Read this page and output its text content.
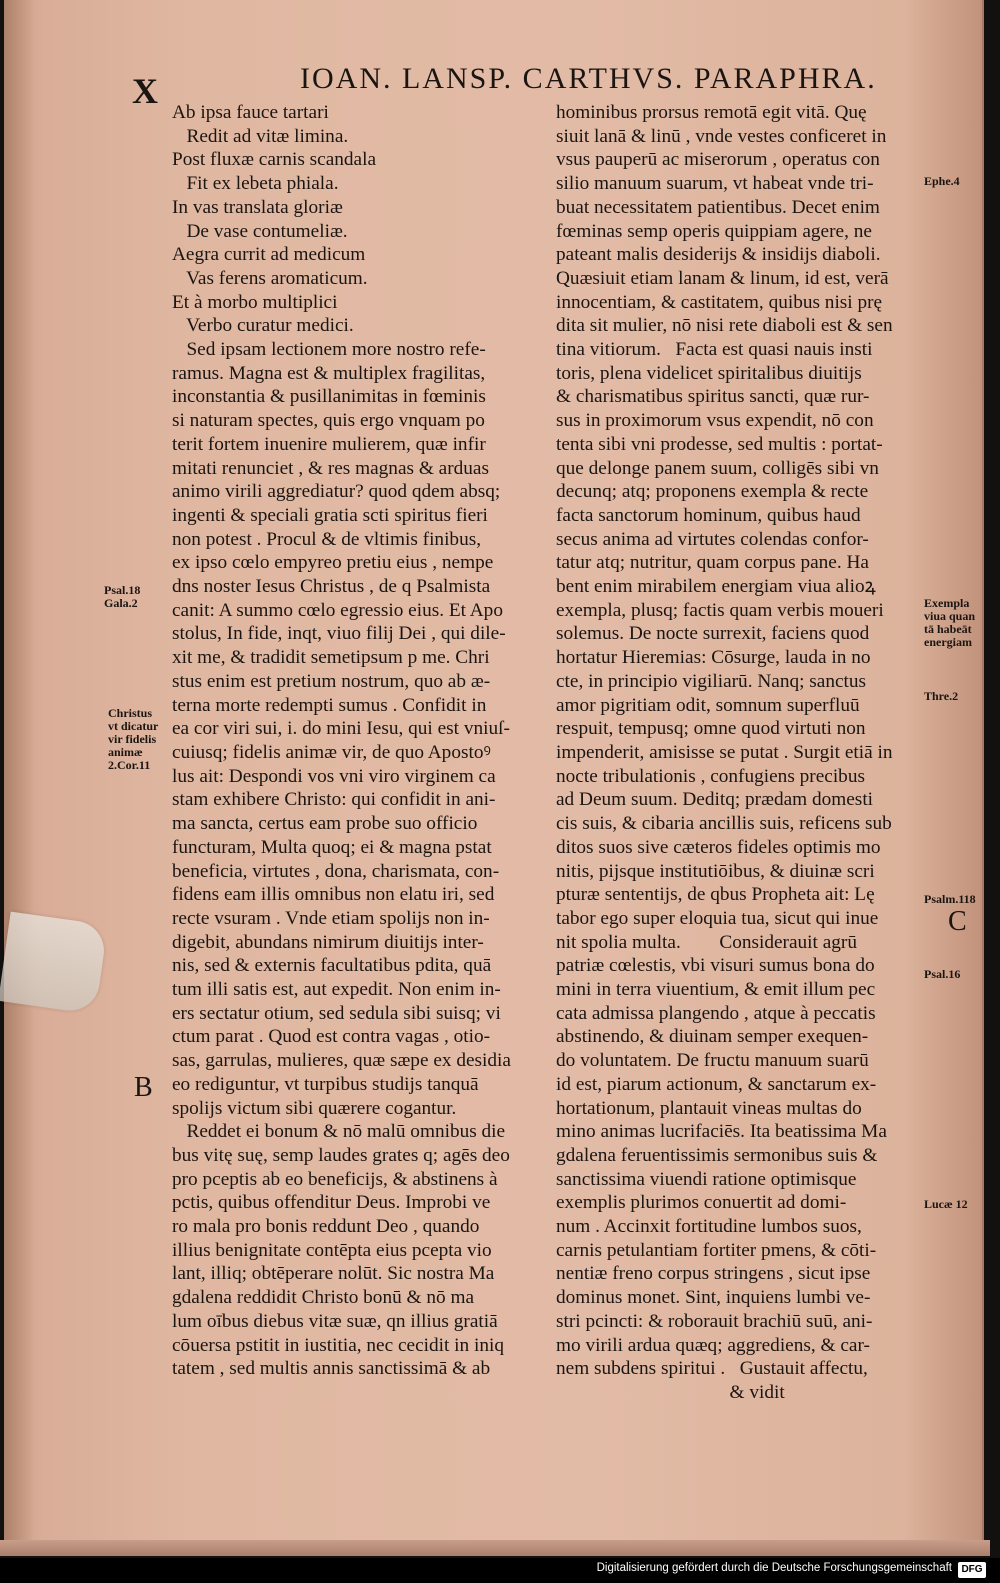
X	IOAN. LANSP. CARTHVS. PARAPHRA.
Ab ipsa fauce tartari
Redit ad vitæ limina.
Post fluxæ carnis scandala
Fit ex lebeta phiala.
In vas translata gloriæ
De vase contumeliæ.
Aegra currit ad medicum
Vas ferens aromaticum.
Et à morbo multiplici
Verbo curatur medici.
Sed ipsam lectionem more nostro refe-
ramus. Magna est & multiplex fragilitas,
inconstantia & pusillanimitas in fœminis
si naturam spectes, quis ergo vnquam po
terit fortem inuenire mulierem, quæ infir
mitati renunciet , & res magnas & arduas
animo virili aggrediatur? quod qdem absq;
ingenti & speciali gratia scti spiritus fieri
non potest . Procul & de vltimis finibus,
ex ipso cœlo empyreo pretiu eius , nempe
dns noster Iesus Christus , de q Psalmista
canit: A summo cœlo egressio eius. Et Apo
stolus, In fide, inqt, viuo filij Dei , qui dile-
xit me, & tradidit semetipsum p me. Chri
stus enim est pretium nostrum, quo ab æ-
terna morte redempti sumus . Confidit in
ea cor viri sui, i. do mini Iesu, qui est vniuſ-
cuiusq; fidelis animæ vir, de quo Apostoꝰ
lus ait: Despondi vos vni viro virginem ca
stam exhibere Christo: qui confidit in ani-
ma sancta, certus eam probe suo officio
functuram, Multa quoq; ei & magna pstat
beneficia, virtutes , dona, charismata, con-
fidens eam illis omnibus non elatu iri, sed
recte vsuram . Vnde etiam spolijs non in-
digebit, abundans nimirum diuitijs inter-
nis, sed & externis facultatibus pdita, quā
tum illi satis est, aut expedit. Non enim in-
ers sectatur otium, sed sedula sibi suisq; vi
ctum parat . Quod est contra vagas , otio-
sas, garrulas, mulieres, quæ sæpe ex desidia
eo rediguntur, vt turpibus studijs tanquā
spolijs victum sibi quærere cogantur.
Reddet ei bonum & nō malū omnibus die
bus vitę suę, semp laudes grates q; agēs deo
pro pceptis ab eo beneficijs, & abstinens à
pctis, quibus offenditur Deus. Improbi ve
ro mala pro bonis reddunt Deo , quando
illius benignitate contēpta eius pcepta vio
lant, illiq; obtēperare nolūt. Sic nostra Ma
gdalena reddidit Christo bonū & nō ma
lum oībus diebus vitæ suæ, qn illius gratiā
cōuersa pstitit in iustitia, nec cecidit in iniq
tatem , sed multis annis sanctissimā & ab
hominibus prorsus remotā egit vitā. Quę
siuit lanā & linū , vnde vestes conficeret in
vsus pauperū ac miserorum , operatus con
silio manuum suarum, vt habeat vnde tri-
buat necessitatem patientibus. Decet enim
fœminas semp operis quippiam agere, ne
pateant malis desiderijs & insidijs diaboli.
Quæsiuit etiam lanam & linum, id est, verā
innocentiam, & castitatem, quibus nisi prę
dita sit mulier, nō nisi rete diaboli est & sen
tina vitiorum.   Facta est quasi nauis insti
toris, plena videlicet spiritalibus diuitijs
& charismatibus spiritus sancti, quæ rur-
sus in proximorum vsus expendit, nō con
tenta sibi vni prodesse, sed multis : portat-
que delonge panem suum, colligēs sibi vn
decunq; atq; proponens exempla & recte
facta sanctorum hominum, quibus haud
secus anima ad virtutes colendas confor-
tatur atq; nutritur, quam corpus pane. Ha
bent enim mirabilem energiam viua alioꝝ
exempla, plusq; factis quam verbis moueri
solemus. De nocte surrexit, faciens quod
hortatur Hieremias: Cōsurge, lauda in no
cte, in principio vigiliarū. Nanq; sanctus
amor pigritiam odit, somnum superfluū
respuit, tempusq; omne quod virtuti non
impenderit, amisisse se putat . Surgit etiā in
nocte tribulationis , confugiens precibus
ad Deum suum. Deditq; prædam domesti
cis suis, & cibaria ancillis suis, reficens sub
ditos suos sive cæteros fideles optimis mo
nitis, pijsque institutiōibus, & diuinæ scri
pturæ sententijs, de qbus Propheta ait: Lę
tabor ego super eloquia tua, sicut qui inue
nit spolia multa.        Considerauit agrū
patriæ cœlestis, vbi visuri sumus bona do
mini in terra viuentium, & emit illum pec
cata admissa plangendo , atque à peccatis
abstinendo, & diuinam semper exequen-
do voluntatem. De fructu manuum suarū
id est, piarum actionum, & sanctarum ex-
hortationum, plantauit vineas multas do
mino animas lucrifaciēs. Ita beatissima Ma
gdalena feruentissimis sermonibus suis &
sanctissima viuendi ratione optimisque
exemplis plurimos conuertit ad domi-
num . Accinxit fortitudine lumbos suos,
carnis petulantiam fortiter pmens, & cōti-
nentiæ freno corpus stringens , sicut ipse
dominus monet. Sint, inquiens lumbi ve-
stri pcincti: & roborauit brachiū suū, ani-
mo virili ardua quæq; aggrediens, & car-
nem subdens spiritui .   Gustauit affectu,
& vidit
Psal.18
Gala.2
Christus
vt dicatur
vir fidelis
animæ
2.Cor.11
Ephe.4
Exempla
viua quan
tā habeāt
energiam
Thre.2
Psalm.118
Psal.16
Lucæ 12
B
C
Digitalisierung gefördert durch die Deutsche Forschungsgemeinschaft DFG
